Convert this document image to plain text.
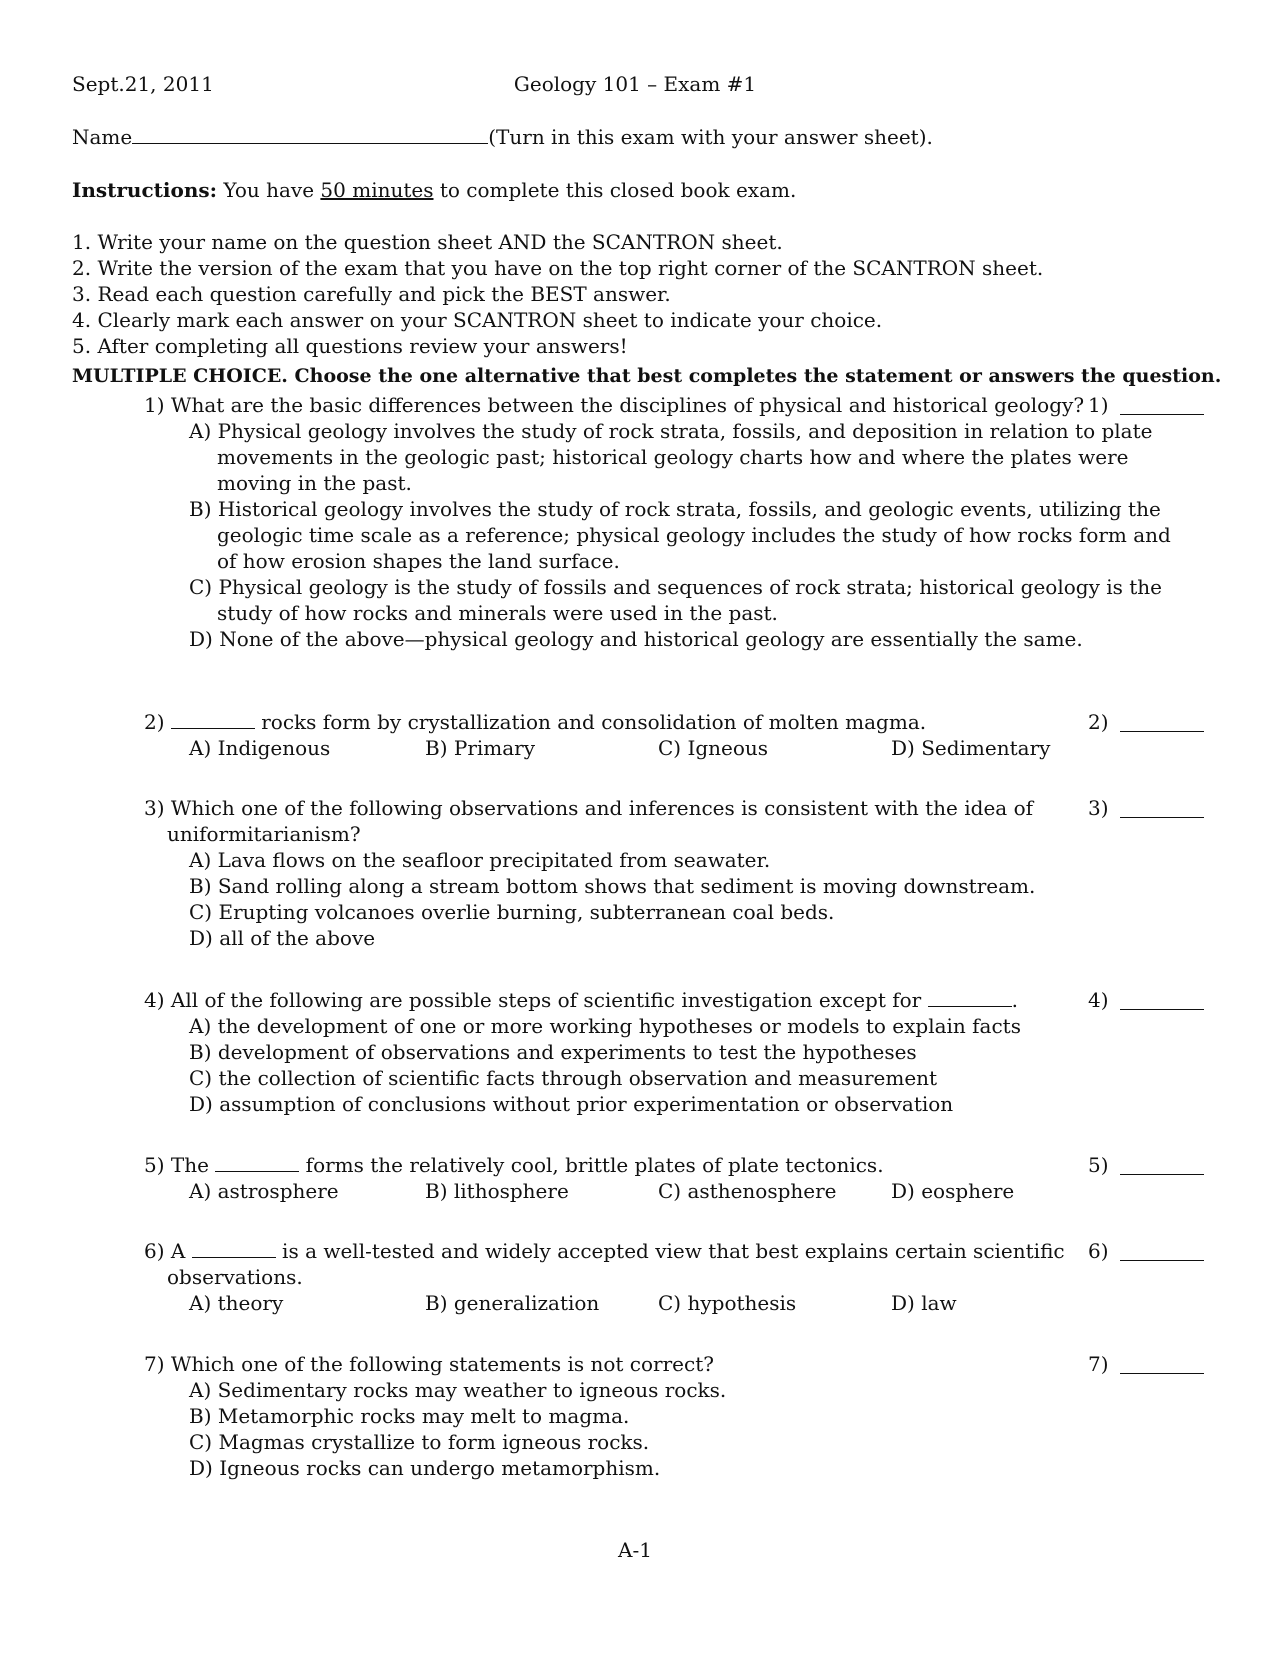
Sept.21, 2011	Geology 101 – Exam #1
Name	(Turn in this exam with your answer sheet).
Instructions: You have 50 minutes to complete this closed book exam.
1. Write your name on the question sheet AND the SCANTRON sheet.
2. Write the version of the exam that you have on the top right corner of the SCANTRON sheet.
3. Read each question carefully and pick the BEST answer.
4. Clearly mark each answer on your SCANTRON sheet to indicate your choice.
5. After completing all questions review your answers!
MULTIPLE CHOICE. Choose the one alternative that best completes the statement or answers the question.
1) What are the basic differences between the disciplines of physical and historical geology? 1)
A) Physical geology involves the study of rock strata, fossils, and deposition in relation to plate
movements in the geologic past; historical geology charts how and where the plates were
moving in the past.
B) Historical geology involves the study of rock strata, fossils, and geologic events, utilizing the
geologic time scale as a reference; physical geology includes the study of how rocks form and
of how erosion shapes the land surface.
C) Physical geology is the study of fossils and sequences of rock strata; historical geology is the
study of how rocks and minerals were used in the past.
D) None of the above—physical geology and historical geology are essentially the same.
2)	rocks form by crystallization and consolidation of molten magma.	2)
A) Indigenous	B) Primary	C) Igneous	D) Sedimentary
3) Which one of the following observations and inferences is consistent with the idea of
uniformitarianism?
3)
A) Lava flows on the seafloor precipitated from seawater.
B) Sand rolling along a stream bottom shows that sediment is moving downstream.
C) Erupting volcanoes overlie burning, subterranean coal beds.
D) all of the above
4) All of the following are possible steps of scientific investigation except for	.	4)
A) the development of one or more working hypotheses or models to explain facts
B) development of observations and experiments to test the hypotheses
C) the collection of scientific facts through observation and measurement
D) assumption of conclusions without prior experimentation or observation
5) The	forms the relatively cool, brittle plates of plate tectonics.	5)
A) astrosphere	B) lithosphere	C) asthenosphere	D) eosphere
6) A	is a well-tested and widely accepted view that best explains certain scientific
observations.
6)
A) theory	B) generalization	C) hypothesis	D) law
7) Which one of the following statements is not correct?	7)
A) Sedimentary rocks may weather to igneous rocks.
B) Metamorphic rocks may melt to magma.
C) Magmas crystallize to form igneous rocks.
D) Igneous rocks can undergo metamorphism.
A-1
